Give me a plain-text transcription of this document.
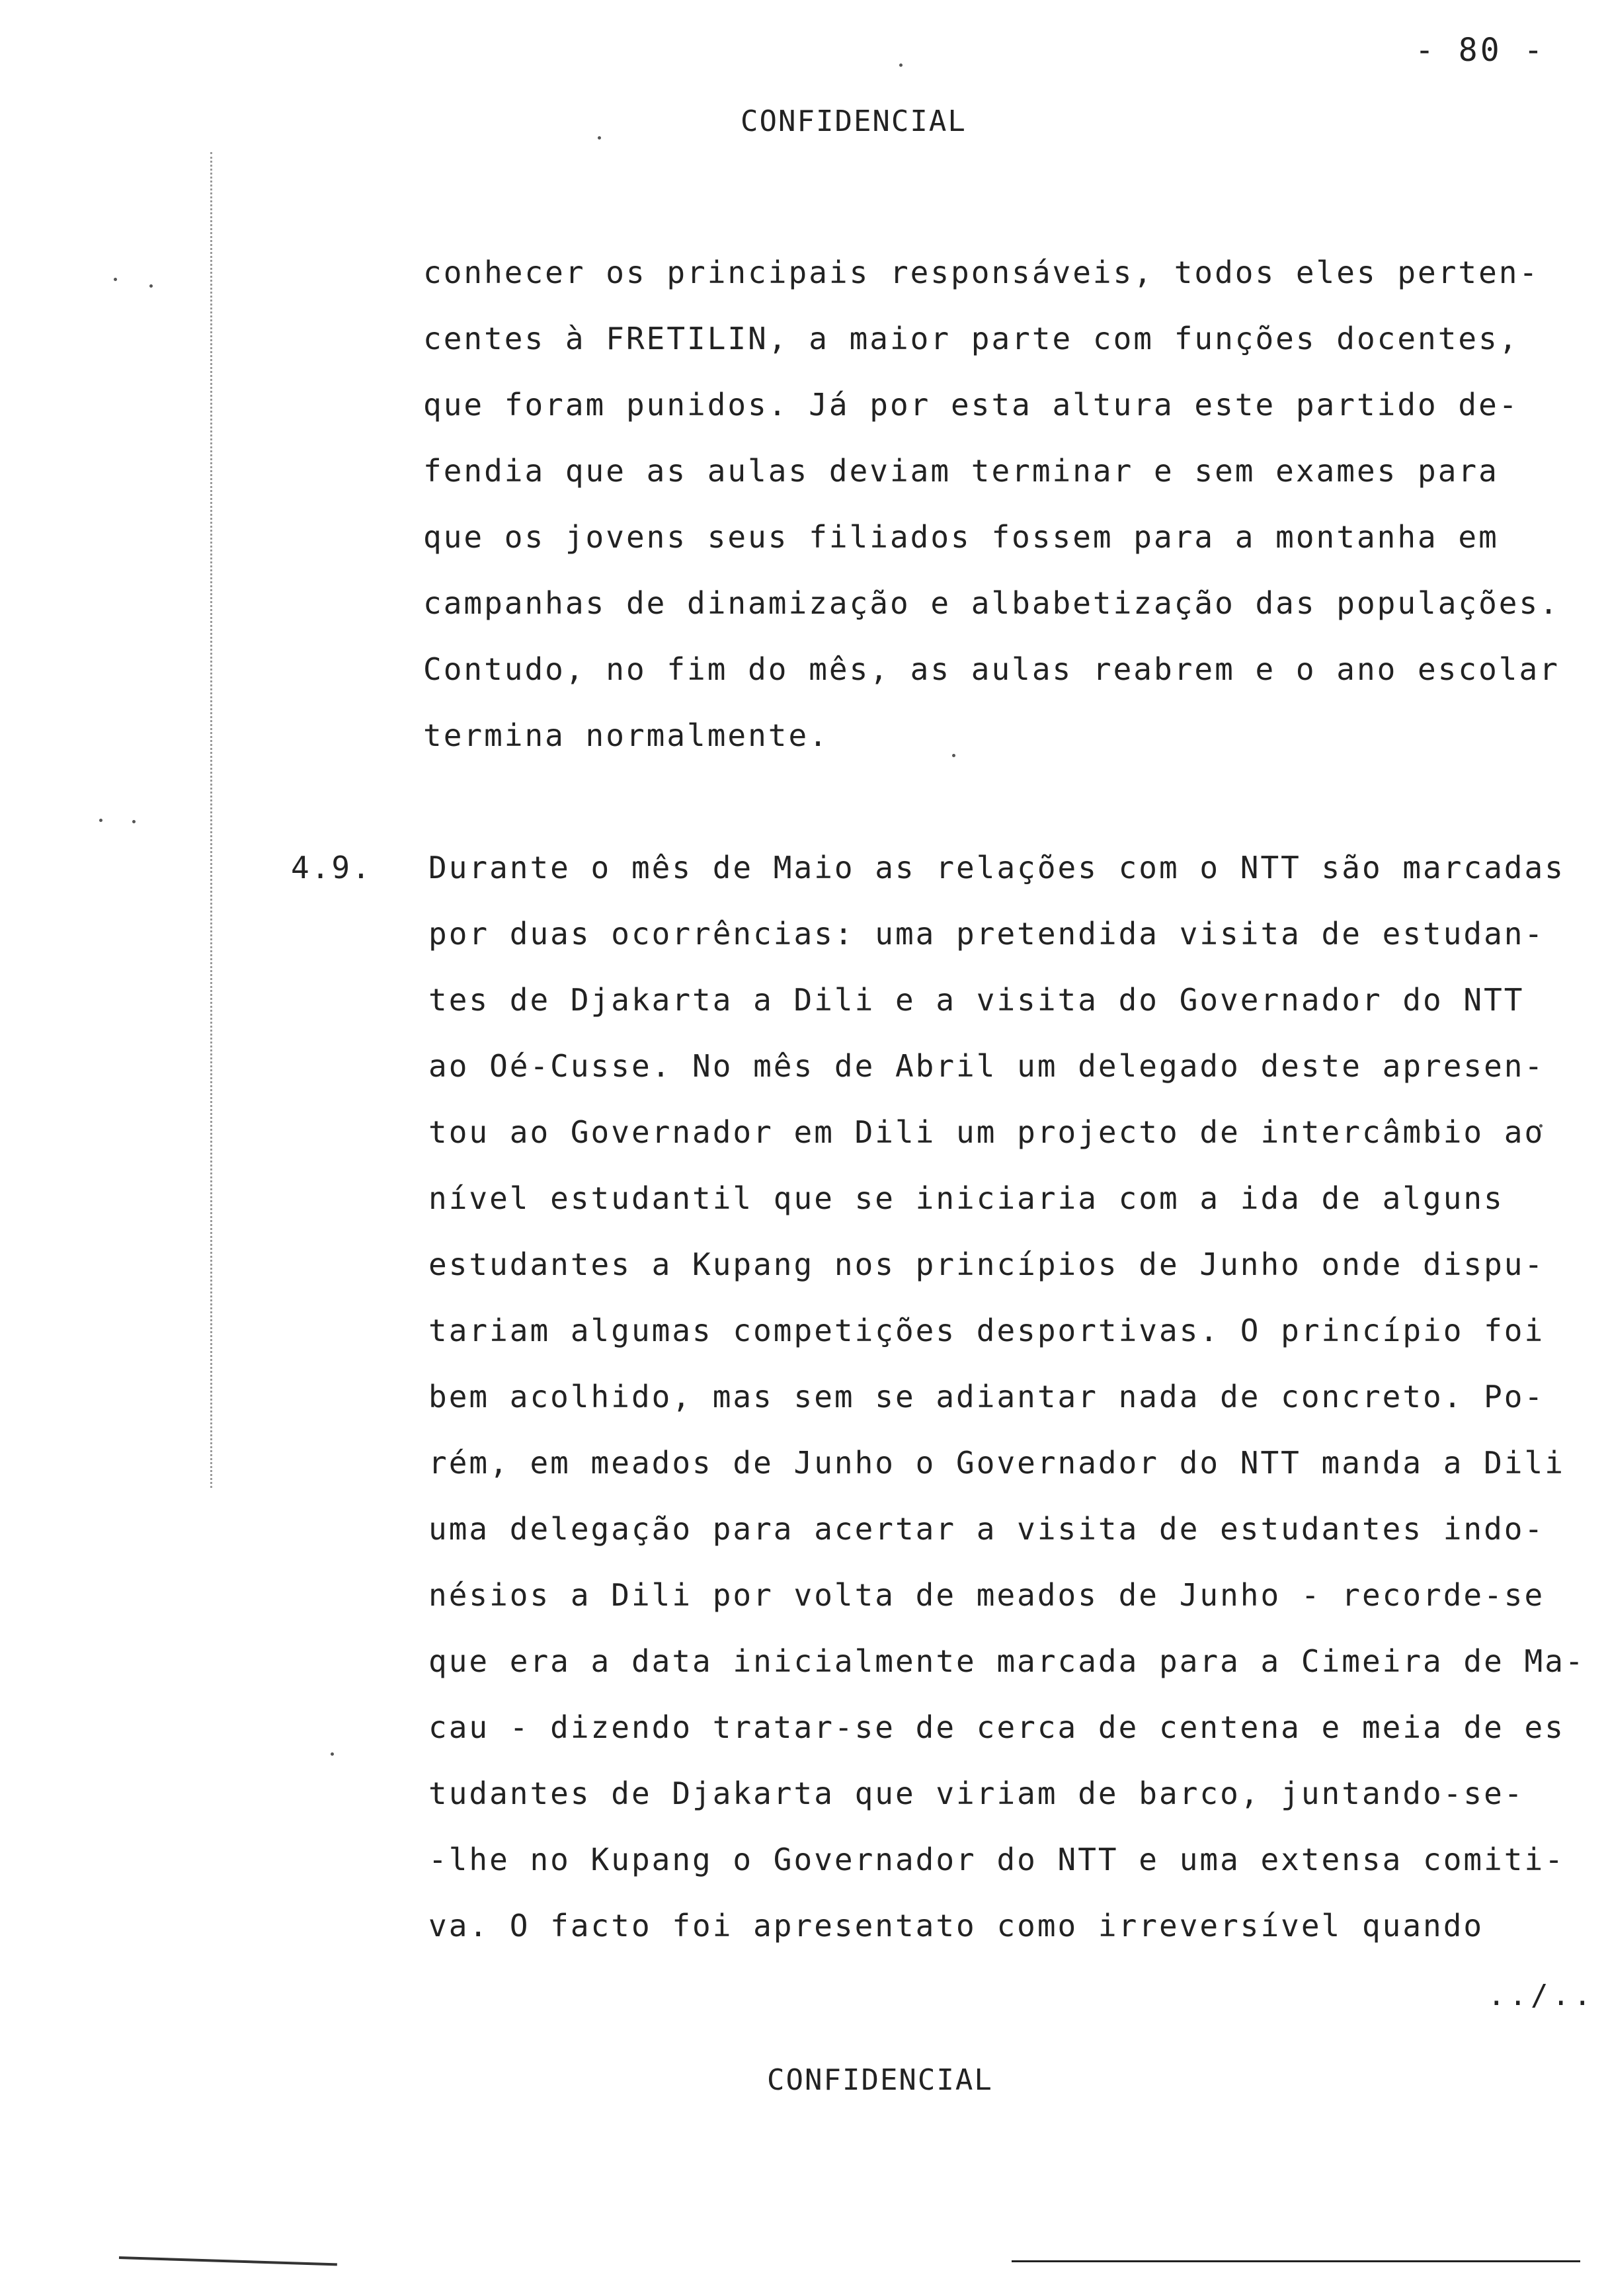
- 80 -
CONFIDENCIAL
conhecer os principais responsáveis, todos eles perten-
centes à FRETILIN, a maior parte com funções docentes,
que foram punidos. Já por esta altura este partido de-
fendia que as aulas deviam terminar e sem exames para
que os jovens seus filiados fossem para a montanha em
campanhas de dinamização e albabetização das populações.
Contudo, no fim do mês, as aulas reabrem e o ano escolar
termina normalmente.
4.9. Durante o mês de Maio as relações com o NTT são marcadas
por duas ocorrências: uma pretendida visita de estudan-
tes de Djakarta a Dili e a visita do Governador do NTT
ao Oé-Cusse. No mês de Abril um delegado deste apresen-
tou ao Governador em Dili um projecto de intercâmbio ao
nível estudantil que se iniciaria com a ida de alguns
estudantes a Kupang nos princípios de Junho onde dispu-
tariam algumas competições desportivas. O princípio foi
bem acolhido, mas sem se adiantar nada de concreto. Po-
rém, em meados de Junho o Governador do NTT manda a Dili
uma delegação para acertar a visita de estudantes indo-
nésios a Dili por volta de meados de Junho - recorde-se
que era a data inicialmente marcada para a Cimeira de Ma-
cau - dizendo tratar-se de cerca de centena e meia de es
tudantes de Djakarta que viriam de barco, juntando-se-
-lhe no Kupang o Governador do NTT e uma extensa comiti-
va. O facto foi apresentato como irreversível quando
../..
CONFIDENCIAL
